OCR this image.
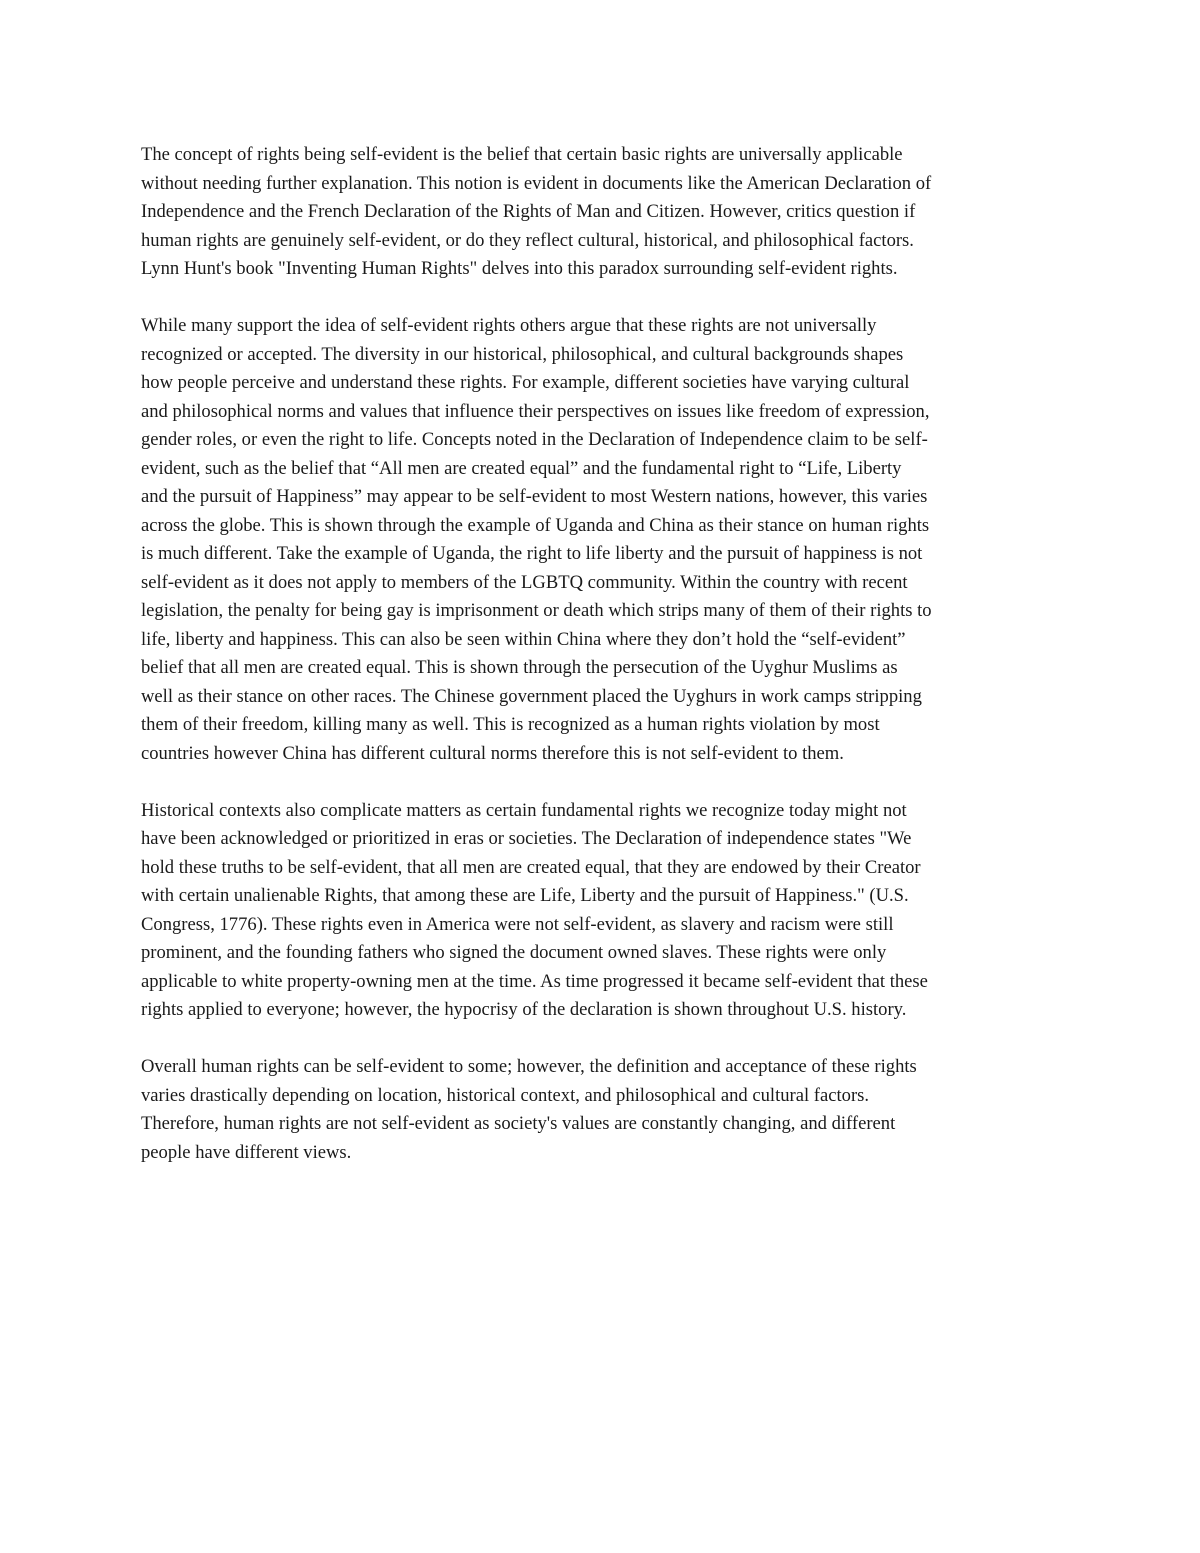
The concept of rights being self-evident is the belief that certain basic rights are universally applicable
without needing further explanation. This notion is evident in documents like the American Declaration of
Independence and the French Declaration of the Rights of Man and Citizen. However, critics question if
human rights are genuinely self-evident, or do they reflect cultural, historical, and philosophical factors.
Lynn Hunt's book "Inventing Human Rights" delves into this paradox surrounding self-evident rights.
While many support the idea of self-evident rights others argue that these rights are not universally
recognized or accepted. The diversity in our historical, philosophical, and cultural backgrounds shapes
how people perceive and understand these rights. For example, different societies have varying cultural
and philosophical norms and values that influence their perspectives on issues like freedom of expression,
gender roles, or even the right to life. Concepts noted in the Declaration of Independence claim to be self-
evident, such as the belief that “All men are created equal” and the fundamental right to “Life, Liberty
and the pursuit of Happiness” may appear to be self-evident to most Western nations, however, this varies
across the globe. This is shown through the example of Uganda and China as their stance on human rights
is much different. Take the example of Uganda, the right to life liberty and the pursuit of happiness is not
self-evident as it does not apply to members of the LGBTQ community. Within the country with recent
legislation, the penalty for being gay is imprisonment or death which strips many of them of their rights to
life, liberty and happiness. This can also be seen within China where they don’t hold the “self-evident”
belief that all men are created equal. This is shown through the persecution of the Uyghur Muslims as
well as their stance on other races. The Chinese government placed the Uyghurs in work camps stripping
them of their freedom, killing many as well. This is recognized as a human rights violation by most
countries however China has different cultural norms therefore this is not self-evident to them.
Historical contexts also complicate matters as certain fundamental rights we recognize today might not
have been acknowledged or prioritized in eras or societies. The Declaration of independence states "We
hold these truths to be self-evident, that all men are created equal, that they are endowed by their Creator
with certain unalienable Rights, that among these are Life, Liberty and the pursuit of Happiness." (U.S.
Congress, 1776). These rights even in America were not self-evident, as slavery and racism were still
prominent, and the founding fathers who signed the document owned slaves. These rights were only
applicable to white property-owning men at the time. As time progressed it became self-evident that these
rights applied to everyone; however, the hypocrisy of the declaration is shown throughout U.S. history.
Overall human rights can be self-evident to some; however, the definition and acceptance of these rights
varies drastically depending on location, historical context, and philosophical and cultural factors.
Therefore, human rights are not self-evident as society's values are constantly changing, and different
people have different views.
